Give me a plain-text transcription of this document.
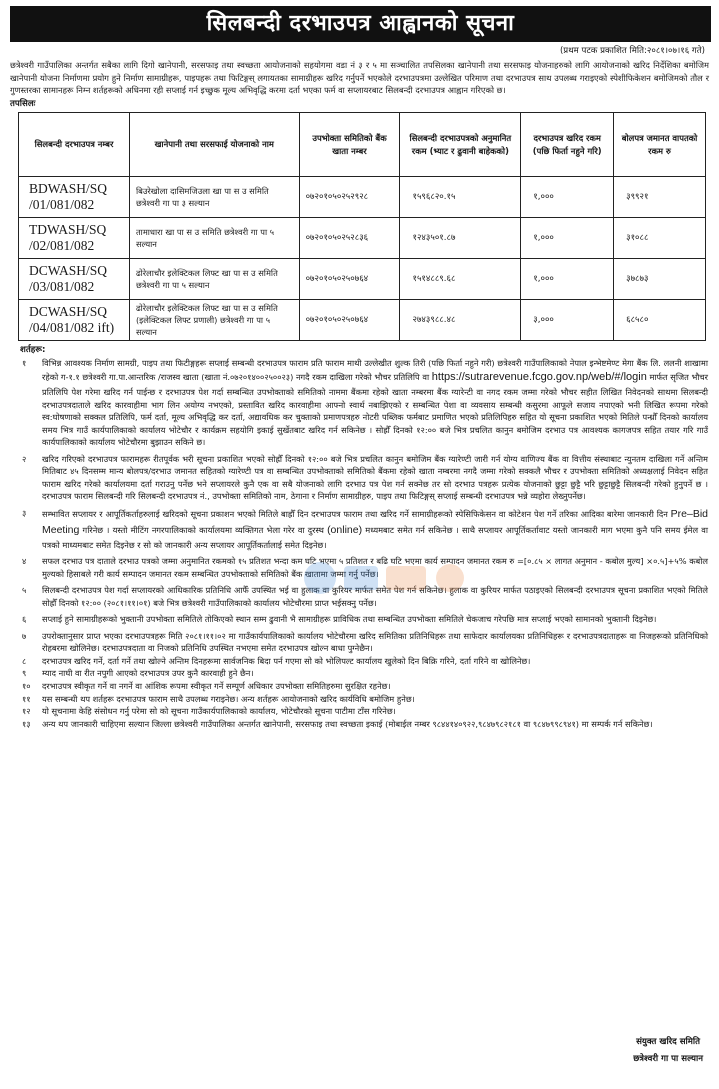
सिलबन्दी दरभाउपत्र आह्वानको सूचना
(प्रथम पटक प्रकाशित मिति:२०८१।०७।१६ गते)

छत्रेश्वरी गाउँपालिका अन्तर्गत सबैका लागि दिगो खानेपानी, सरसफाइ तथा स्वच्छता आयोजनाको सहयोगमा वडा नं ३ र ५ मा सञ्चालित तपसिलका खानेपानी तथा सरसफाइ योजनाहरुको लागि आयोजनाको खरिद निर्देशिका बमोजिम खानेपानी योजना निर्माणमा प्रयोग हुने निर्माण सामाग्रीहरू, पाइपहरू तथा फिटिङ्गस् लगायतका सामाग्रीहरू खरिद गर्नुपर्ने भएकोले दरभाउपत्रमा उल्लेखित परिमाण तथा दरभाउपत्र साथ उपलब्ध गराइएको स्पेशीफिकेशन बमोजिमको तौल र गुणस्तरका सामानहरू निम्न शर्तहरूको अधिनमा रही सप्लाई गर्न इच्छुक मूल्य अभिवृद्धि करमा दर्ता भएका फर्म वा सप्लायरबाट सिलबन्दी दरभाउपत्र आह्वान गरिएको छ।

तपसिलः
सिलबन्दी दरभाउपत्र नम्बर	खानेपानी तथा सरसफाई योजनाको नाम	उपभोक्ता समितिको बैंक खाता नम्बर	सिलबन्दी दरभाउपत्रको अनुमानित रकम (भ्याट र ढुवानी बाहेकको)	दरभाउपत्र खरिद रकम (पछि फिर्ता नहुने गरि)	बोलपत्र जमानत वापतको रकम रु
BDWASH/SQ /01/081/082	बिउरेखोला दासिमजिउला खा पा स उ समिति छत्रेश्वरी गा पा ३ सल्यान	०७२०१०५०२५२९२८	१५९६८२०.१५	१,०००	३९९२१
TDWASH/SQ /02/081/082	तामाधारा खा पा स उ समिति छत्रेश्वरी गा पा ५ सल्यान	०७२०१०५०२५२८३६	१२४३५०१.८७	१,०००	३१०८८
DCWASH/SQ /03/081/082	ढोरेलाचौर इलेक्टिकल लिफ्ट खा पा स उ समिति छत्रेश्वरी गा पा ५ सल्यान	०७२०१०५०२५०७६४	१५१४८८९.६८	१,०००	३७८७३
DCWASH/SQ /04/081/082 ift)	ढोरेलाचौर इलेक्टिकल लिफ्ट खा पा स उ समिति (इलेक्टिकल लिफ्ट प्रणाली) छत्रेश्वरी गा पा ५ सल्यान	०७२०१०५०२५०७६४	२७४३९८८.४८	३,०००	६८५८०
शर्तहरू:
१	विभिन्न आवश्यक निर्माण सामग्री, पाइप तथा फिटीङ्गहरू सप्लाई सम्बन्धी दरभाउपत्र फाराम प्रति फाराम माथी उल्लेखीत शुल्क तिरी (पछि फिर्ता नहुने गरी) छत्रेश्वरी गाउँपालिकाको नेपाल इन्भेष्टमेण्ट मेगा बैंक लि. ललनी शाखामा रहेको ग-१.१ छत्रेश्वरी गा.पा.आन्तरिक /राजस्व खाता (खाता नं.०७२०१४००२५००२३) नगदै रकम दाखिला गरेको भौचर प्रतिलिपि वा https://sutrarevenue.fcgo.gov.np/web/#/login मार्फत सृजित भौचर प्रतिलिपि पेश गरेमा खरिद गर्न पाईन्छ र दरभाउपत्र पेश गर्दा सम्बन्धित उपभोक्ताको समितिको नाममा बैंकमा रहेको खाता नम्बरमा बैंक ग्यारेन्टी वा नगद रकम जम्मा गरेको भौचर सहीत लिखित निवेदनको साथमा सिलबन्दी दरभाउपत्रदाताले खरिद कारवाहीमा भाग लिन अयोग्य नभएको, प्रस्तावित खरिद कारवाहीमा आफ्नो स्वार्थ नबाझिएको र सम्बन्धित पेशा वा व्यवसाय सम्बन्धी कसुरमा आफूले सजाय नपाएको भनी लिखित रूपमा गरेको स्व:घोषणाको सक्कल प्रतिलिपि, फर्म दर्ता, मूल्य अभिवृद्धि कर दर्ता, अद्यावधिक कर चुक्ताको प्रमाणपत्रहरु नोटरी पब्लिक फर्मबाट प्रमाणित भएको प्रतिलिपिहरु सहित यो सूचना प्रकाशित भएको मितिले पन्ध्रौँ दिनको कार्यालय समय भित्र गाउँ कार्यपालिकाको कार्यालय भोटेचौर र कार्यक्रम सहयोगि इकाई सुर्खेतबाट खरिद गर्न सकिनेछ । सोह्रौँ दिनको १२:०० बजे भित्र प्रचलित कानुन बमोजिम दरभाउ पत्र आवश्यक कागजपत्र सहित तयार गरि गाउँ कार्यपालिकाको कार्यालय भोटेचौरमा बुझाउन सकिने छ।
२	खरिद गरिएको दरभाउपत्र फारामहरू रीतपूर्वक भरी सूचना प्रकाशित भएको सोह्रौँ दिनको १२:०० बजे भित्र प्रचलित कानुन बमोजिम बैंक ग्यारेण्टी जारी गर्न योग्य वाणिज्य बैंक वा वित्तीय संस्थाबाट न्युनतम दाखिला गर्ने अन्तिम मितिबाट ४५ दिनसम्म मान्य बोलपत्र/दरभाउ जमानत सहितको ग्यारेण्टी पत्र वा सम्बन्धित उपभोक्ताको समितिको बैंकमा रहेको खाता नम्बरमा नगदै जम्मा गरेको सक्कलै भौचर र उपभोक्ता समितिको अध्यक्षलाई निवेदन सहित फाराम खरिद गरेको कार्यालयमा दर्ता गराउनु पर्नेछ भने सप्लायरले कुनै एक वा सबै योजनाको लागि दरभाउ पत्र पेश गर्न सक्नेछ तर सो दरभाउ पत्रहरू प्रत्येक योजनाको छुट्टा छुट्टै भरि छुट्टाछुट्टै सिलबन्दी गरेको हुनुपर्ने छ । दरभाउपत्र फाराम सिलबन्दी गरि सिलबन्दी दरभाउपत्र नं., उपभोक्ता समितिको नाम, ठेगाना र निर्माण सामाग्रीहरु, पाइप तथा फिटिङ्गस् सप्लाई सम्बन्धी दरभाउपत्र भन्ने व्यहोरा लेख्नुपर्नेछ।
३	सम्भावित सप्लायर र आपूर्तिकर्ताहरुलाई खरिदको सूचना प्रकाशन भएको मितिले बाह्रौँ दिन दरभाउपत्र फाराम तथा खरिद गर्ने सामाग्रीहरूको स्पेसिफिकेसन वा कोटेशन पेश गर्ने तरिका आदिका बारेमा जानकारी दिन Pre–Bid Meeting गरिनेछ । यस्तो मीटिंग नगरपालिकाको कार्यालयमा व्यक्तिगत भेला गरेर वा दुरस्थ (online) मध्यमबाट समेत गर्न सकिनेछ । साथै सप्लायर आपूर्तिकर्तावाट यस्तो जानकारी माग भएमा कुनै पनि समय ईमेल वा पत्रको माध्यमबाट समेत दिइनेछ र सो को जानकारी अन्य सप्लायर आपूर्तिकर्तालाई समेत दिइनेछ।
४	सफल दरभाउ पत्र दाताले दरभाउ पत्रको जम्मा अनुमानित रकमको १५ प्रतिशत भन्दा कम घटि भएमा ५ प्रतिशत र बढि घटि भएमा कार्य सम्पादन जमानत रकम रु =[०.८५ × लागत अनुमान - कबोल मुल्य] ×०.५]+५% कबोल मुल्यको हिसाबले गरी कार्य सम्पादन जमानत रकम सम्बन्धित उपभोक्ताको समितिको बैंक खातामा जम्मा गर्नु पर्नेछ।
५	सिलबन्दी दरभाउपत्र पेश गर्दा सप्लायरको आधिकारिक प्रतिनिधि आफैँ उपस्थित भई वा हुलाक वा कुरियर मार्फत समेत पेश गर्न सकिनेछ। हुलाक वा कुरियर मार्फत पठाइएको सिलबन्दी दरभाउपत्र सूचना प्रकाशित भएको मितिले सोह्रौँ दिनको १२:०० (२०८१।११।०१) बजे भित्र छत्रेश्वरी गाउँपालिकाको कार्यालय भोटेचौरमा प्राप्त भईसक्नु पर्नेछ।
६	सप्लाई हुने सामाग्रीहरूको भुक्तानी उपभोक्ता समितिले तोकिएको स्थान सम्म ढुवानी भै सामाग्रीहरू प्राविधिक तथा सम्बन्धित उपभोक्ता समितिले चेकजाच गरेपछि मात्र सप्लाई भएको सामानको भुक्तानी दिइनेछ।
७	उपरोक्तानुसार प्राप्त भएका दरभाउपत्रहरू मिति २०८१।११।०२ मा गाउँकार्यपालिकाको कार्यालय भोटेचौरमा खरिद समितिका प्रतिनिधिहरू तथा साफेदार कार्यालयका प्रतिनिधिहरू र दरभाउपत्रदाताहरू वा निजहरूको प्रतिनिधिको रोहबरमा खोलिनेछ। दरभाउपत्रदाता वा निजको प्रतिनिधि उपस्थित नभएमा समेत दरभाउपत्र खोल्न बाधा पुग्नेछैन।
८	दरभाउपत्र खरिद गर्ने, दर्ता गर्ने तथा खोल्ने अन्तिम दिनहरूमा सार्वजनिक बिदा पर्न गएमा सो को भोलिपल्ट कार्यालय खुलेको दिन बिक्रि गरिने, दर्ता गरिने वा खोलिनेछ।
९	म्याद नाघी वा रीत नपुगी आएको दरभाउपत्र उपर कुनै कारवाही हुने छैन।
१०	दरभाउपत्र स्वीकृत गर्ने वा नगर्ने वा आंशिक रूपमा स्वीकृत गर्ने सम्पूर्ण अधिकार उपभोक्ता समितिहरुमा सुरक्षित रहनेछ।
११	यस सम्बन्धी थप शर्तहरू दरभाउपत्र फाराम साथै उपलब्ध गराइनेछ। अन्य शर्तहरू आयोजनाको खरिद कार्यविधि बमोजिम हुनेछ।
१२	यो सूचनामा केहि संसोधन गर्नु परेमा सो को सूचना गाउँकार्यपालिकाको कार्यालय, भोटेचौरको सूचना पाटीमा टाँस गरिनेछ।
१३	अन्य थप जानकारी चाहिएमा सल्यान जिल्ला छत्रेश्वरी गाउँपालिका अन्तर्गत खानेपानी, सरसफाइ तथा स्वच्छता इकाई (मोबाईल नम्बर ९८४४१४०९२२,९८४७९८२१८१ वा ९८४७९९८९४१) मा सम्पर्क गर्न सकिनेछ।
संयुक्त खरिद समिति
छत्रेश्वरी गा पा सल्यान
